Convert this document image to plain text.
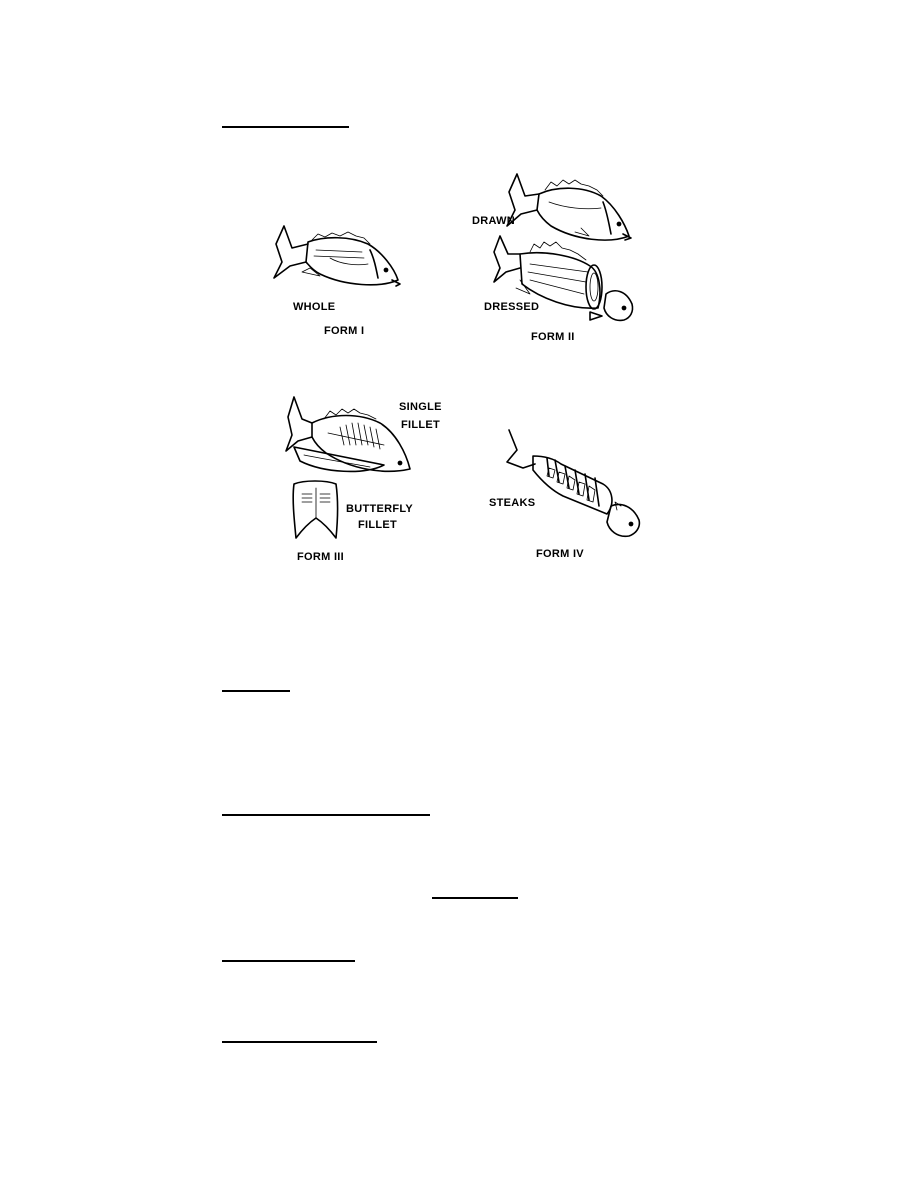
WHOLE
FORM I
DRAWN
DRESSED
FORM II
SINGLE
FILLET
BUTTERFLY
FILLET
FORM III
STEAKS
FORM IV
